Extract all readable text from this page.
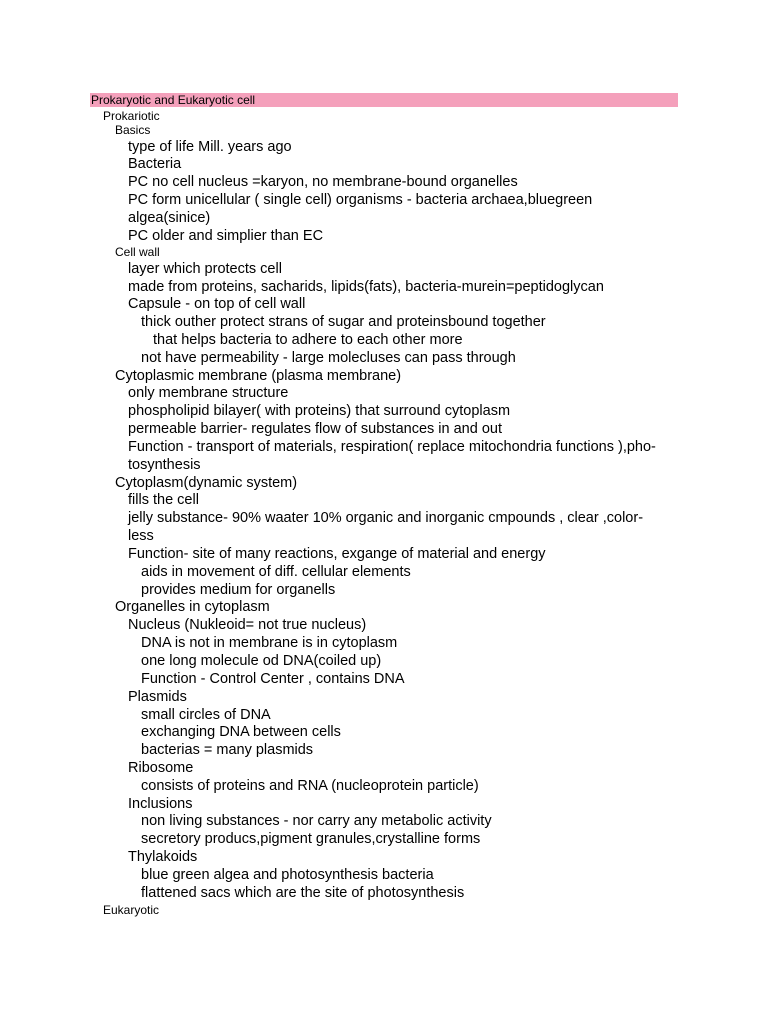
Prokaryotic and Eukaryotic cell
Prokariotic
Basics
type of life Mill. years ago
Bacteria
PC no cell nucleus =karyon, no membrane-bound organelles
PC form unicellular ( single cell) organisms - bacteria archaea,bluegreen
algea(sinice)
PC older and simplier than EC
Cell wall
layer which protects cell
made from proteins, sacharids, lipids(fats), bacteria-murein=peptidoglycan
Capsule - on top of cell wall
thick outher protect strans of sugar and proteinsbound together
that helps bacteria to adhere to each other more
not have permeability - large molecluses can pass through
Cytoplasmic membrane (plasma membrane)
only membrane structure
phospholipid bilayer( with proteins) that surround cytoplasm
permeable barrier- regulates flow of substances in and out
Function - transport of materials, respiration( replace mitochondria functions ),pho-
tosynthesis
Cytoplasm(dynamic system)
fills the cell
jelly substance- 90% waater 10% organic and inorganic cmpounds , clear ,color-
less
Function- site of many reactions, exgange of material and energy
aids in movement of diff. cellular elements
provides medium for organells
Organelles in cytoplasm
Nucleus (Nukleoid= not true nucleus)
DNA is not in membrane is in cytoplasm
one long molecule od DNA(coiled up)
Function - Control Center , contains DNA
Plasmids
small circles of DNA
exchanging DNA between cells
bacterias = many plasmids
Ribosome
consists of proteins and RNA (nucleoprotein particle)
Inclusions
non living substances - nor carry any metabolic activity
secretory producs,pigment granules,crystalline forms
Thylakoids
blue green algea and photosynthesis bacteria
flattened sacs which are the site of photosynthesis
Eukaryotic
